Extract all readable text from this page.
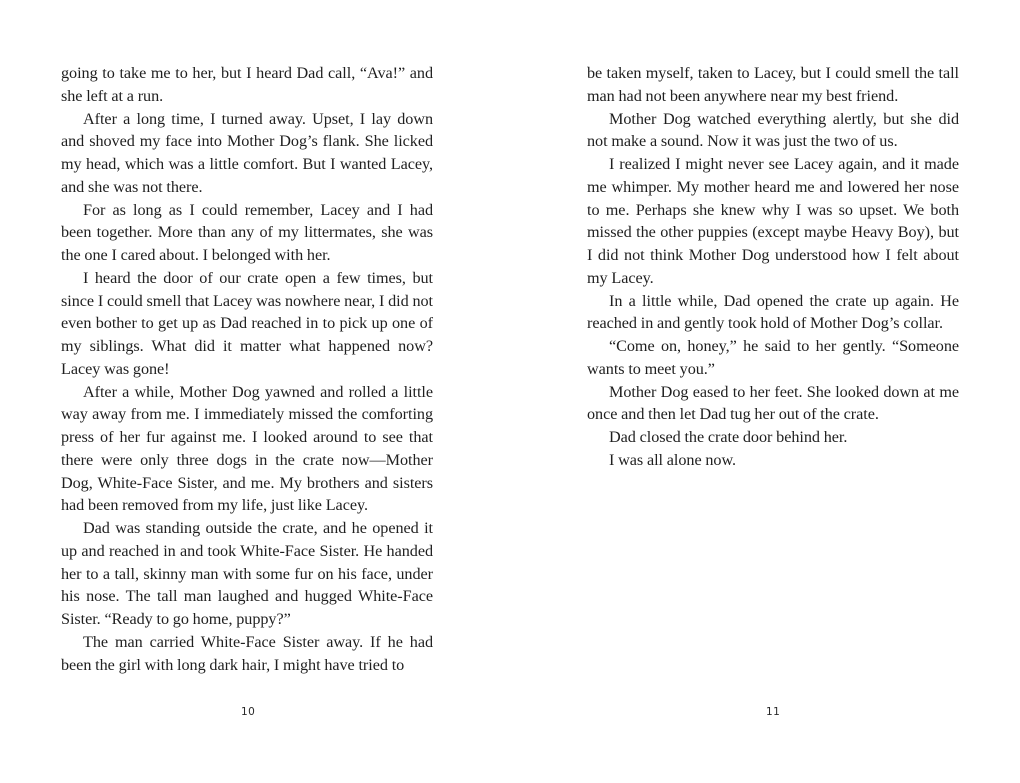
going to take me to her, but I heard Dad call, “Ava!” and she left at a run.

After a long time, I turned away. Upset, I lay down and shoved my face into Mother Dog’s flank. She licked my head, which was a little comfort. But I wanted Lacey, and she was not there.

For as long as I could remember, Lacey and I had been together. More than any of my littermates, she was the one I cared about. I belonged with her.

I heard the door of our crate open a few times, but since I could smell that Lacey was nowhere near, I did not even bother to get up as Dad reached in to pick up one of my siblings. What did it matter what happened now? Lacey was gone!

After a while, Mother Dog yawned and rolled a little way away from me. I immediately missed the comforting press of her fur against me. I looked around to see that there were only three dogs in the crate now—Mother Dog, White-Face Sister, and me. My brothers and sisters had been removed from my life, just like Lacey.

Dad was standing outside the crate, and he opened it up and reached in and took White-Face Sister. He handed her to a tall, skinny man with some fur on his face, under his nose. The tall man laughed and hugged White-Face Sister. “Ready to go home, puppy?”

The man carried White-Face Sister away. If he had been the girl with long dark hair, I might have tried to

be taken myself, taken to Lacey, but I could smell the tall man had not been anywhere near my best friend.

Mother Dog watched everything alertly, but she did not make a sound. Now it was just the two of us.

I realized I might never see Lacey again, and it made me whimper. My mother heard me and lowered her nose to me. Perhaps she knew why I was so upset. We both missed the other puppies (except maybe Heavy Boy), but I did not think Mother Dog understood how I felt about my Lacey.

In a little while, Dad opened the crate up again. He reached in and gently took hold of Mother Dog’s collar.

“Come on, honey,” he said to her gently. “Someone wants to meet you.”

Mother Dog eased to her feet. She looked down at me once and then let Dad tug her out of the crate.

Dad closed the crate door behind her.

I was all alone now.

10	11
